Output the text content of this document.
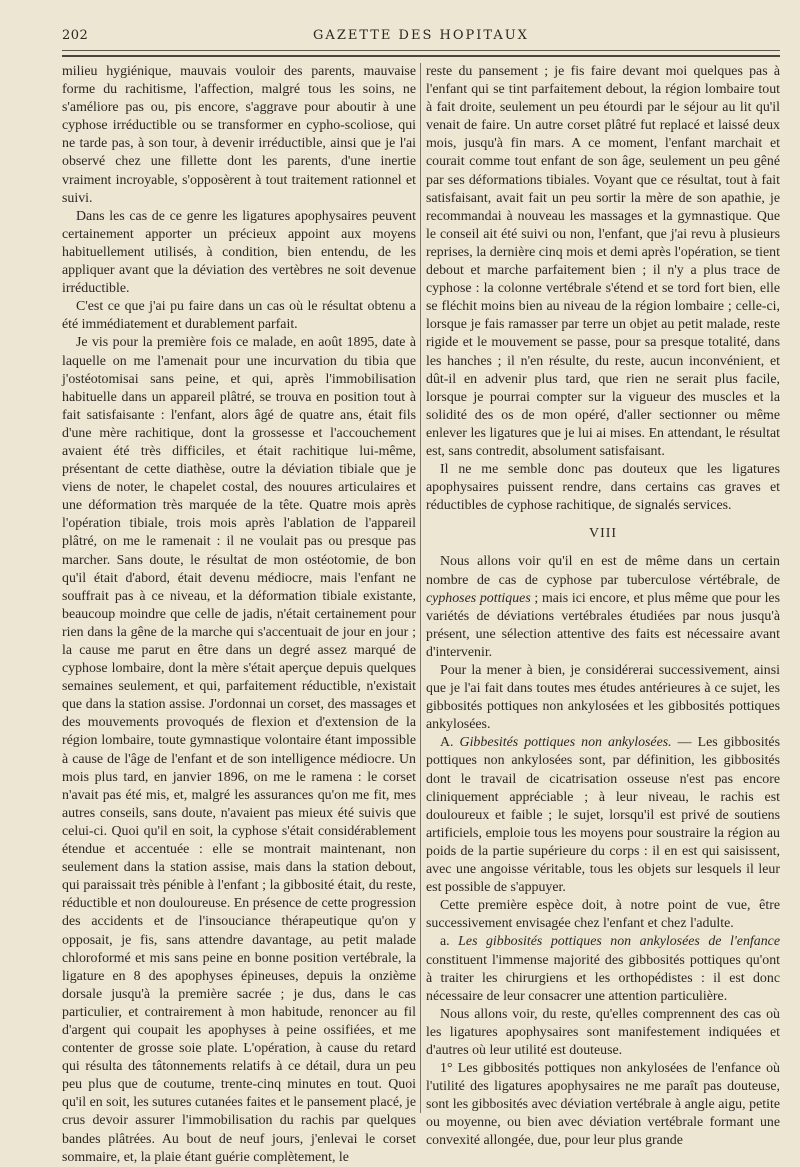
202	GAZETTE DES HOPITAUX

milieu hygiénique, mauvais vouloir des parents, mauvaise forme du rachitisme, l'affection, malgré tous les soins, ne s'améliore pas ou, pis encore, s'aggrave pour aboutir à une cyphose irréductible ou se transformer en cypho-scoliose, qui ne tarde pas, à son tour, à devenir irréductible, ainsi que je l'ai observé chez une fillette dont les parents, d'une inertie vraiment incroyable, s'opposèrent à tout traitement rationnel et suivi.

Dans les cas de ce genre les ligatures apophysaires peuvent certainement apporter un précieux appoint aux moyens habituellement utilisés, à condition, bien entendu, de les appliquer avant que la déviation des vertèbres ne soit devenue irréductible.

C'est ce que j'ai pu faire dans un cas où le résultat obtenu a été immédiatement et durablement parfait.

Je vis pour la première fois ce malade, en août 1895, date à laquelle on me l'amenait pour une incurvation du tibia que j'ostéotomisai sans peine, et qui, après l'immobilisation habituelle dans un appareil plâtré, se trouva en position tout à fait satisfaisante : l'enfant, alors âgé de quatre ans, était fils d'une mère rachitique, dont la grossesse et l'accouchement avaient été très difficiles, et était rachitique lui-même, présentant de cette diathèse, outre la déviation tibiale que je viens de noter, le chapelet costal, des nouures articulaires et une déformation très marquée de la tête. Quatre mois après l'opération tibiale, trois mois après l'ablation de l'appareil plâtré, on me le ramenait : il ne voulait pas ou presque pas marcher. Sans doute, le résultat de mon ostéotomie, de bon qu'il était d'abord, était devenu médiocre, mais l'enfant ne souffrait pas à ce niveau, et la déformation tibiale existante, beaucoup moindre que celle de jadis, n'était certainement pour rien dans la gêne de la marche qui s'accentuait de jour en jour ; la cause me parut en être dans un degré assez marqué de cyphose lombaire, dont la mère s'était aperçue depuis quelques semaines seulement, et qui, parfaitement réductible, n'existait que dans la station assise. J'ordonnai un corset, des massages et des mouvements provoqués de flexion et d'extension de la région lombaire, toute gymnastique volontaire étant impossible à cause de l'âge de l'enfant et de son intelligence médiocre. Un mois plus tard, en janvier 1896, on me le ramena : le corset n'avait pas été mis, et, malgré les assurances qu'on me fit, mes autres conseils, sans doute, n'avaient pas mieux été suivis que celui-ci. Quoi qu'il en soit, la cyphose s'était considérablement étendue et accentuée : elle se montrait maintenant, non seulement dans la station assise, mais dans la station debout, qui paraissait très pénible à l'enfant ; la gibbosité était, du reste, réductible et non douloureuse. En présence de cette progression des accidents et de l'insouciance thérapeutique qu'on y opposait, je fis, sans attendre davantage, au petit malade chloroformé et mis sans peine en bonne position vertébrale, la ligature en 8 des apophyses épineuses, depuis la onzième dorsale jusqu'à la première sacrée ; je dus, dans le cas particulier, et contrairement à mon habitude, renoncer au fil d'argent qui coupait les apophyses à peine ossifiées, et me contenter de grosse soie plate. L'opération, à cause du retard qui résulta des tâtonnements relatifs à ce détail, dura un peu peu plus que de coutume, trente-cinq minutes en tout. Quoi qu'il en soit, les sutures cutanées faites et le pansement placé, je crus devoir assurer l'immobilisation du rachis par quelques bandes plâtrées. Au bout de neuf jours, j'enlevai le corset sommaire, et, la plaie étant guérie complètement, le

reste du pansement ; je fis faire devant moi quelques pas à l'enfant qui se tint parfaitement debout, la région lombaire tout à fait droite, seulement un peu étourdi par le séjour au lit qu'il venait de faire. Un autre corset plâtré fut replacé et laissé deux mois, jusqu'à fin mars. A ce moment, l'enfant marchait et courait comme tout enfant de son âge, seulement un peu gêné par ses déformations tibiales. Voyant que ce résultat, tout à fait satisfaisant, avait fait un peu sortir la mère de son apathie, je recommandai à nouveau les massages et la gymnastique. Que le conseil ait été suivi ou non, l'enfant, que j'ai revu à plusieurs reprises, la dernière cinq mois et demi après l'opération, se tient debout et marche parfaitement bien ; il n'y a plus trace de cyphose : la colonne vertébrale s'étend et se tord fort bien, elle se fléchit moins bien au niveau de la région lombaire ; celle-ci, lorsque je fais ramasser par terre un objet au petit malade, reste rigide et le mouvement se passe, pour sa presque totalité, dans les hanches ; il n'en résulte, du reste, aucun inconvénient, et dût-il en advenir plus tard, que rien ne serait plus facile, lorsque je pourrai compter sur la vigueur des muscles et la solidité des os de mon opéré, d'aller sectionner ou même enlever les ligatures que je lui ai mises. En attendant, le résultat est, sans contredit, absolument satisfaisant.

Il ne me semble donc pas douteux que les ligatures apophysaires puissent rendre, dans certains cas graves et réductibles de cyphose rachitique, de signalés services.

VIII

Nous allons voir qu'il en est de même dans un certain nombre de cas de cyphose par tuberculose vértébrale, de cyphoses pottiques ; mais ici encore, et plus même que pour les variétés de déviations vertébrales étudiées par nous jusqu'à présent, une sélection attentive des faits est nécessaire avant d'intervenir.

Pour la mener à bien, je considérerai successivement, ainsi que je l'ai fait dans toutes mes études antérieures à ce sujet, les gibbosités pottiques non ankylosées et les gibbosités pottiques ankylosées.

A. Gibbesités pottiques non ankylosées. — Les gibbosités pottiques non ankylosées sont, par définition, les gibbosités dont le travail de cicatrisation osseuse n'est pas encore cliniquement appréciable ; à leur niveau, le rachis est douloureux et faible ; le sujet, lorsqu'il est privé de soutiens artificiels, emploie tous les moyens pour soustraire la région au poids de la partie supérieure du corps : il en est qui saisissent, avec une angoisse véritable, tous les objets sur lesquels il leur est possible de s'appuyer.

Cette première espèce doit, à notre point de vue, être successivement envisagée chez l'enfant et chez l'adulte.

a. Les gibbosités pottiques non ankylosées de l'enfance constituent l'immense majorité des gibbosités pottiques qu'ont à traiter les chirurgiens et les orthopédistes : il est donc nécessaire de leur consacrer une attention particulière.

Nous allons voir, du reste, qu'elles comprennent des cas où les ligatures apophysaires sont manifestement indiquées et d'autres où leur utilité est douteuse.

1° Les gibbosités pottiques non ankylosées de l'enfance où l'utilité des ligatures apophysaires ne me paraît pas douteuse, sont les gibbosités avec déviation vertébrale à angle aigu, petite ou moyenne, ou bien avec déviation vertébrale formant une convexité allongée, due, pour leur plus grande
